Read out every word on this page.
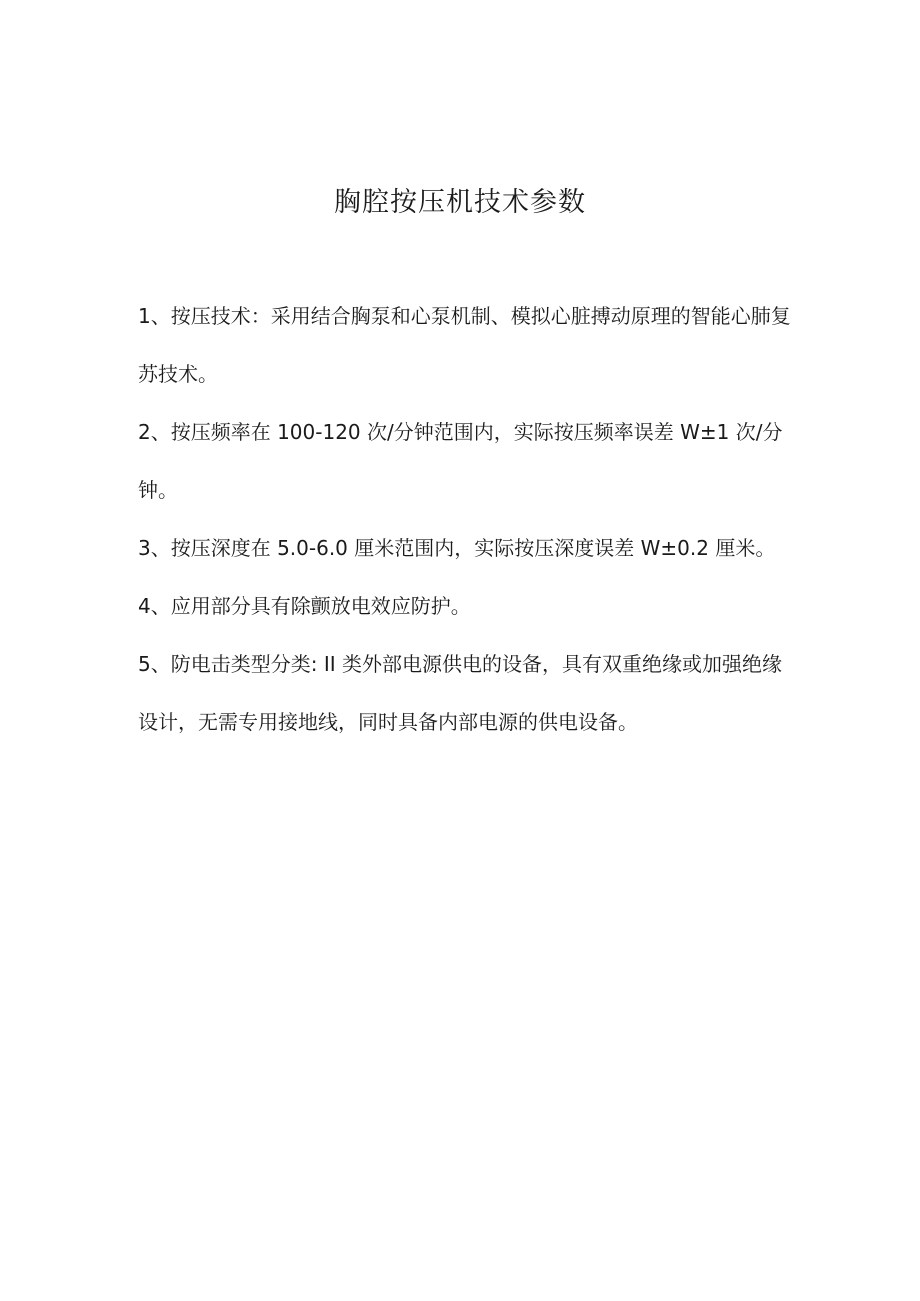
胸腔按压机技术参数
1、按压技术：采用结合胸泵和心泵机制、模拟心脏搏动原理的智能心肺复苏技术。
2、按压频率在 100-120 次/分钟范围内，实际按压频率误差 W±1 次/分钟。
3、按压深度在 5.0-6.0 厘米范围内，实际按压深度误差 W±0.2 厘米。
4、应用部分具有除颤放电效应防护。
5、防电击类型分类: II 类外部电源供电的设备，具有双重绝缘或加强绝缘设计，无需专用接地线，同时具备内部电源的供电设备。
